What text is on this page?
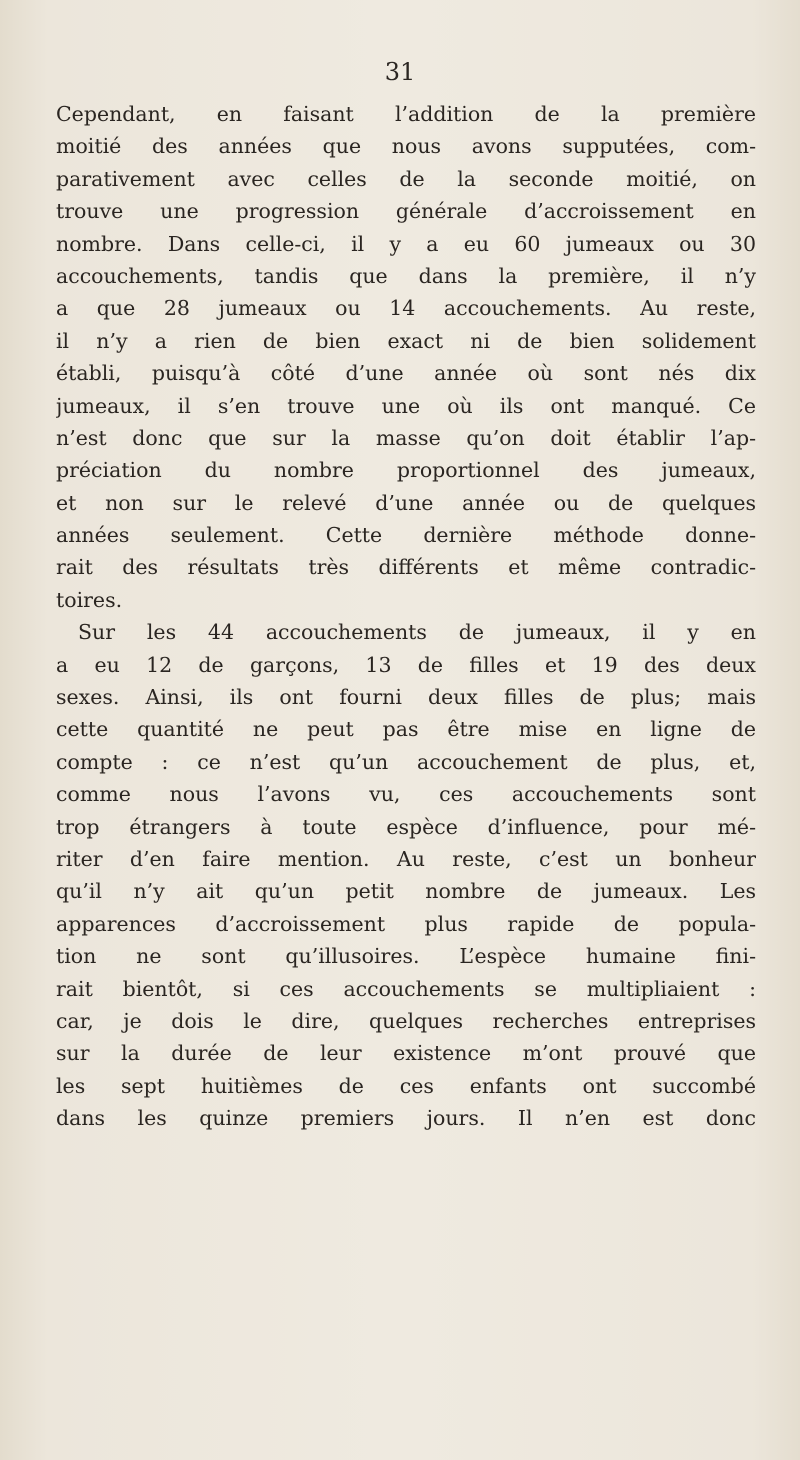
31
Cependant, en faisant l’addition de la première
moitié des années que nous avons supputées, com-
parativement avec celles de la seconde moitié, on
trouve une progression générale d’accroissement en
nombre. Dans celle-ci, il y a eu 60 jumeaux ou 30
accouchements, tandis que dans la première, il n’y
a que 28 jumeaux ou 14 accouchements. Au reste,
il n’y a rien de bien exact ni de bien solidement
établi, puisqu’à côté d’une année où sont nés dix
jumeaux, il s’en trouve une où ils ont manqué. Ce
n’est donc que sur la masse qu’on doit établir l’ap-
préciation du nombre proportionnel des jumeaux,
et non sur le relevé d’une année ou de quelques
années seulement. Cette dernière méthode donne-
rait des résultats très différents et même contradic-
toires.
Sur les 44 accouchements de jumeaux, il y en
a eu 12 de garçons, 13 de filles et 19 des deux
sexes. Ainsi, ils ont fourni deux filles de plus; mais
cette quantité ne peut pas être mise en ligne de
compte : ce n’est qu’un accouchement de plus, et,
comme nous l’avons vu, ces accouchements sont
trop étrangers à toute espèce d’influence, pour mé-
riter d’en faire mention. Au reste, c’est un bonheur
qu’il n’y ait qu’un petit nombre de jumeaux. Les
apparences d’accroissement plus rapide de popula-
tion ne sont qu’illusoires. L’espèce humaine fini-
rait bientôt, si ces accouchements se multipliaient :
car, je dois le dire, quelques recherches entreprises
sur la durée de leur existence m’ont prouvé que
les sept huitièmes de ces enfants ont succombé
dans les quinze premiers jours. Il n’en est donc
